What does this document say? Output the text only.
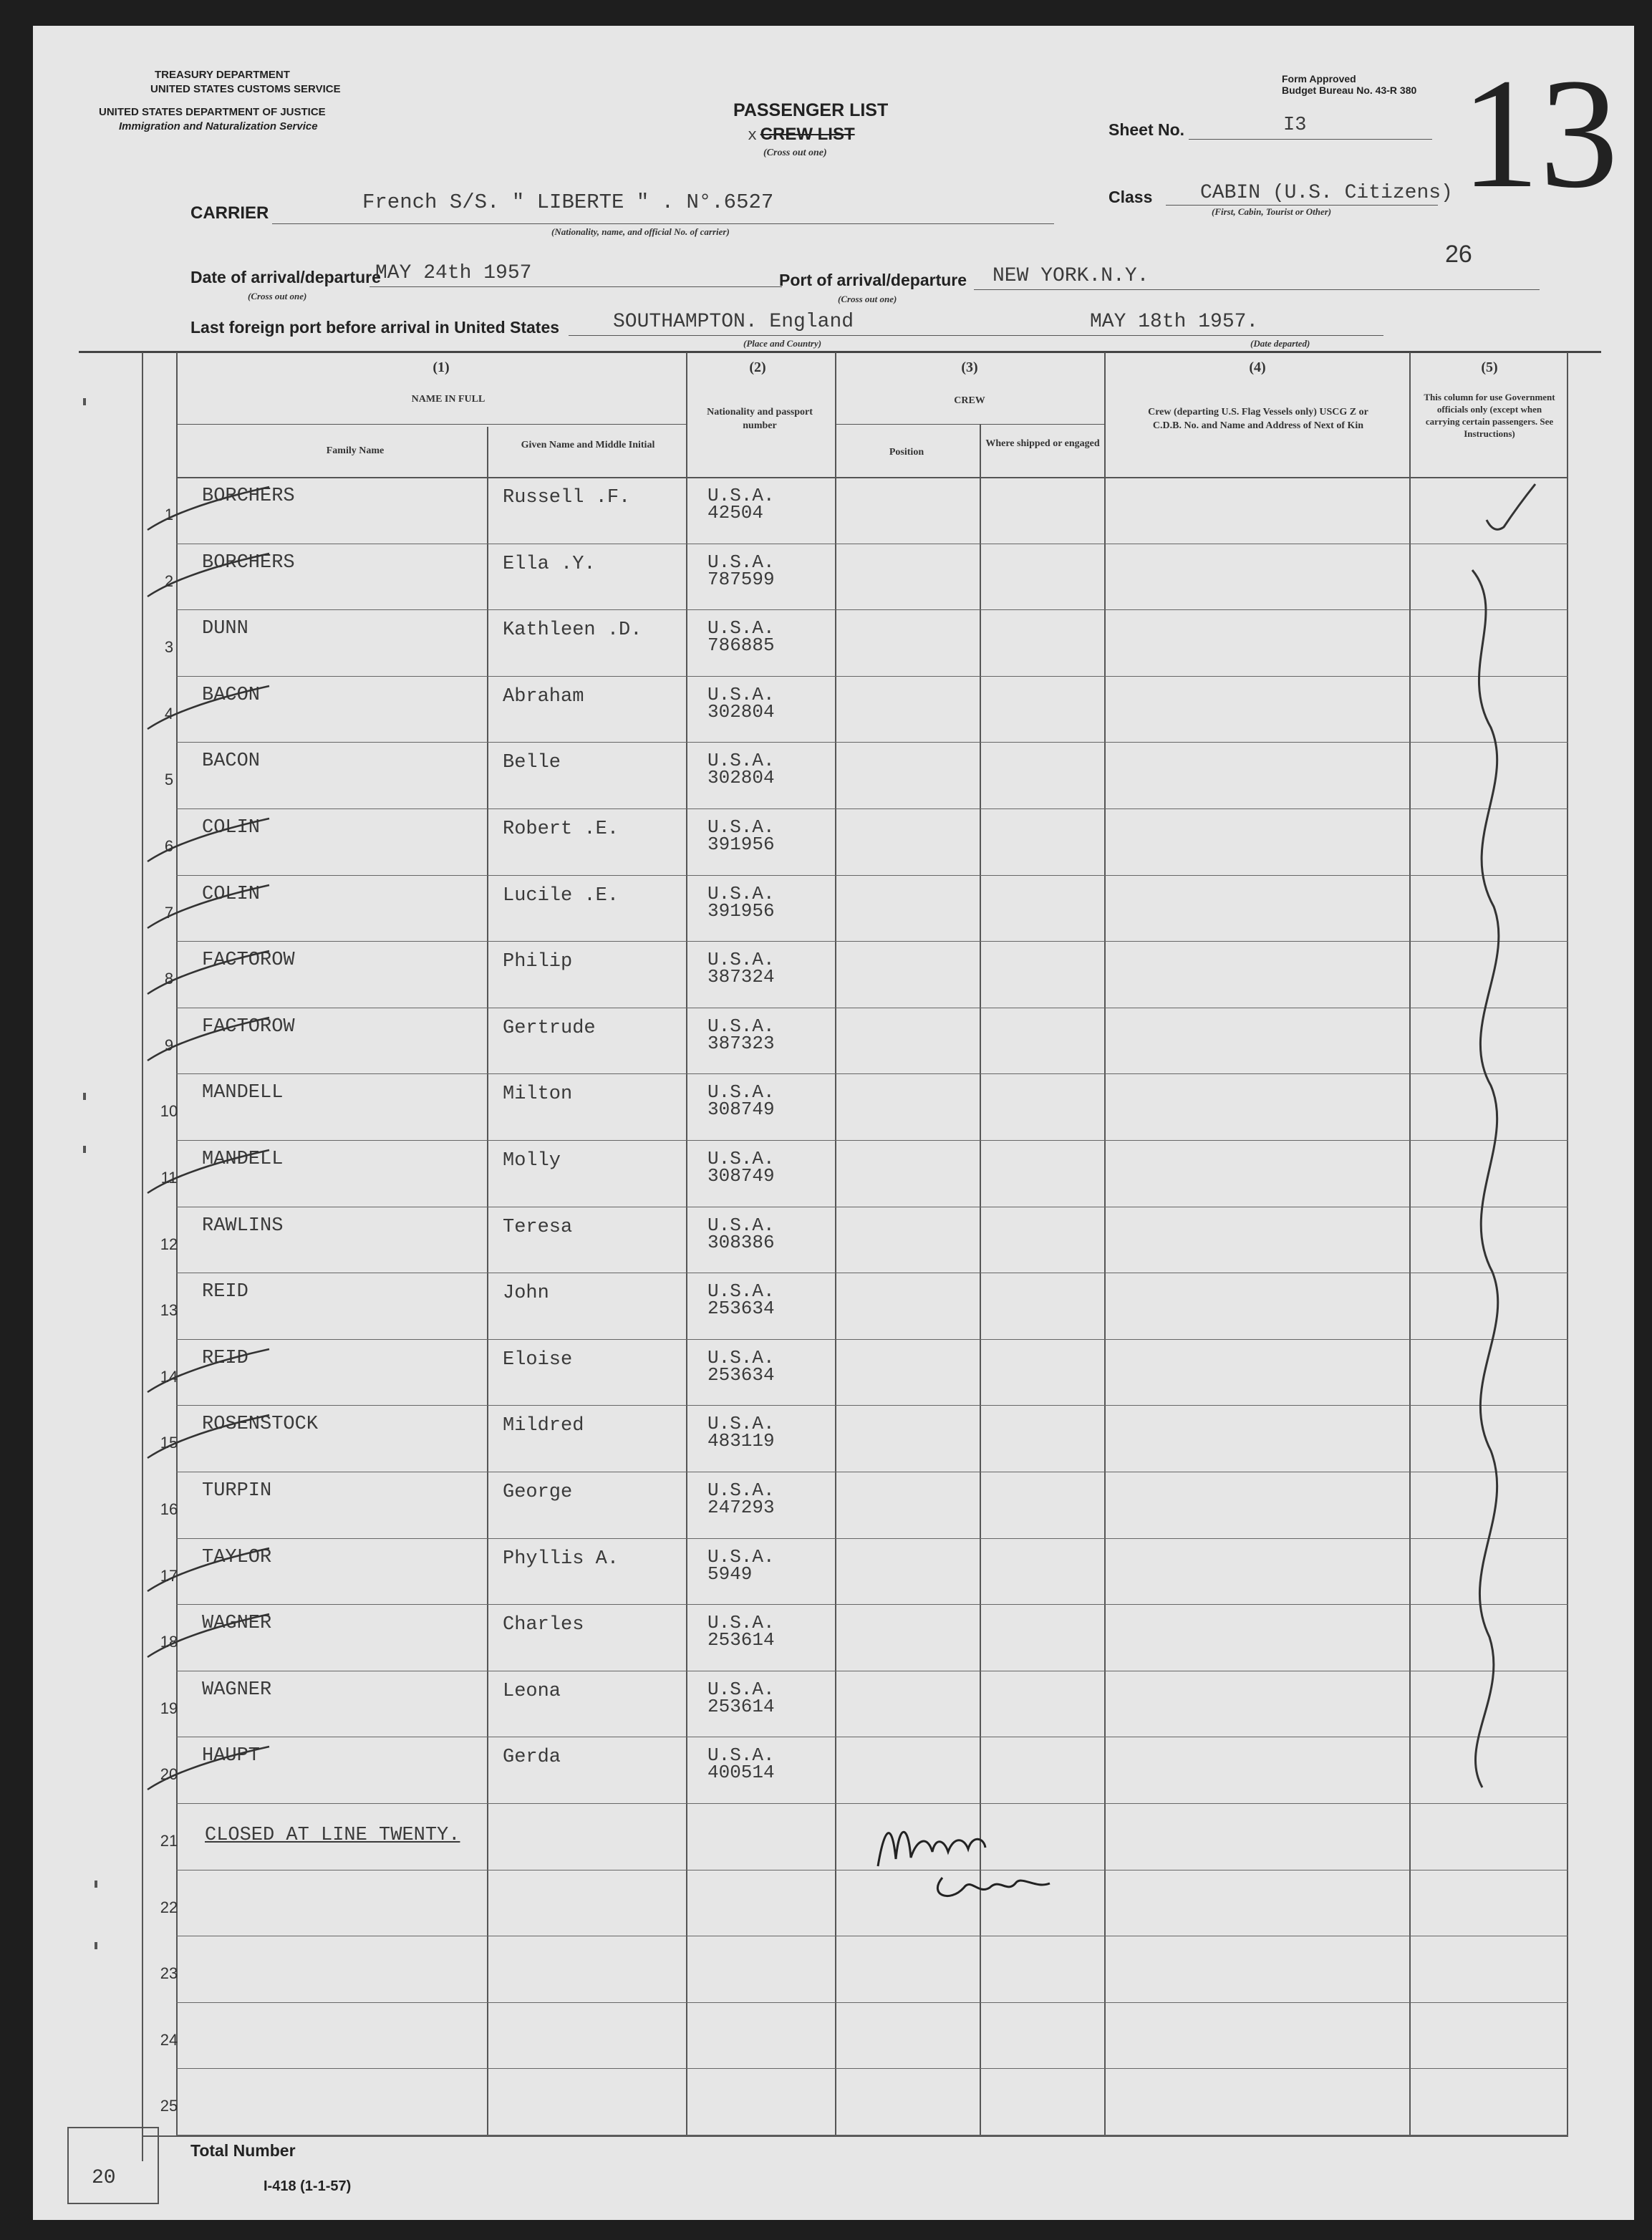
TREASURY DEPARTMENT
UNITED STATES CUSTOMS SERVICE
UNITED STATES DEPARTMENT OF JUSTICE
Immigration and Naturalization Service
PASSENGER LIST
x CREW LIST
(Cross out one)
Form Approved
Budget Bureau No. 43-R 380 13
Sheet No.	I3
Class CABIN (U.S. Citizens)
(First, Cabin, Tourist or Other)
CARRIER	French S/S. " LIBERTE " . N°.6527
(Nationality, name, and official No. of carrier)
Date of arrival/departure
MAY 24th 1957
(Cross out one)
Port of arrival/departure NEW YORK.N.Y.
(Cross out one)
26
Last foreign port before arrival in United States	SOUTHAMPTON. England
(Place and Country)
MAY 18th 1957.
(Date departed)
(1)
NAME IN FULL
Family Name
Given Name and Middle Initial
(2)
Nationality and passport number
(3)
CREW
Position
Where shipped or engaged
(4)
Crew (departing U.S. Flag Vessels only) USCG Z or C.D.B. No. and Name and Address of Next of Kin
(5)
This column for use Government officials only (except when carrying certain passengers. See Instructions)
1
BORCHERS	Russell .F.	U.S.A.
42504
2
BORCHERS	Ella .Y.	U.S.A.
787599
3
DUNN	Kathleen .D.	U.S.A.
786885
4
BACON	Abraham	U.S.A.
302804
5
BACON	Belle	U.S.A.
302804
6
COLIN	Robert .E.	U.S.A.
391956
7
COLIN	Lucile .E.	U.S.A.
391956
8
FACTOROW	Philip	U.S.A.
387324
9
FACTOROW	Gertrude	U.S.A.
387323
10
MANDELL	Milton	U.S.A.
308749
11
MANDELL	Molly	U.S.A.
308749
12
RAWLINS	Teresa	U.S.A.
308386
13
REID	John	U.S.A.
253634
14
REID	Eloise	U.S.A.
253634
15
ROSENSTOCK	Mildred	U.S.A.
483119
16
TURPIN	George	U.S.A.
247293
17
TAYLOR	Phyllis A.	U.S.A.
5949
18
WAGNER	Charles	U.S.A.
253614
19
WAGNER	Leona	U.S.A.
253614
20
HAUPT	Gerda	U.S.A.
400514
21 CLOSED AT LINE TWENTY.
22
23
24
25
20
Total Number
I-418 (1-1-57)
